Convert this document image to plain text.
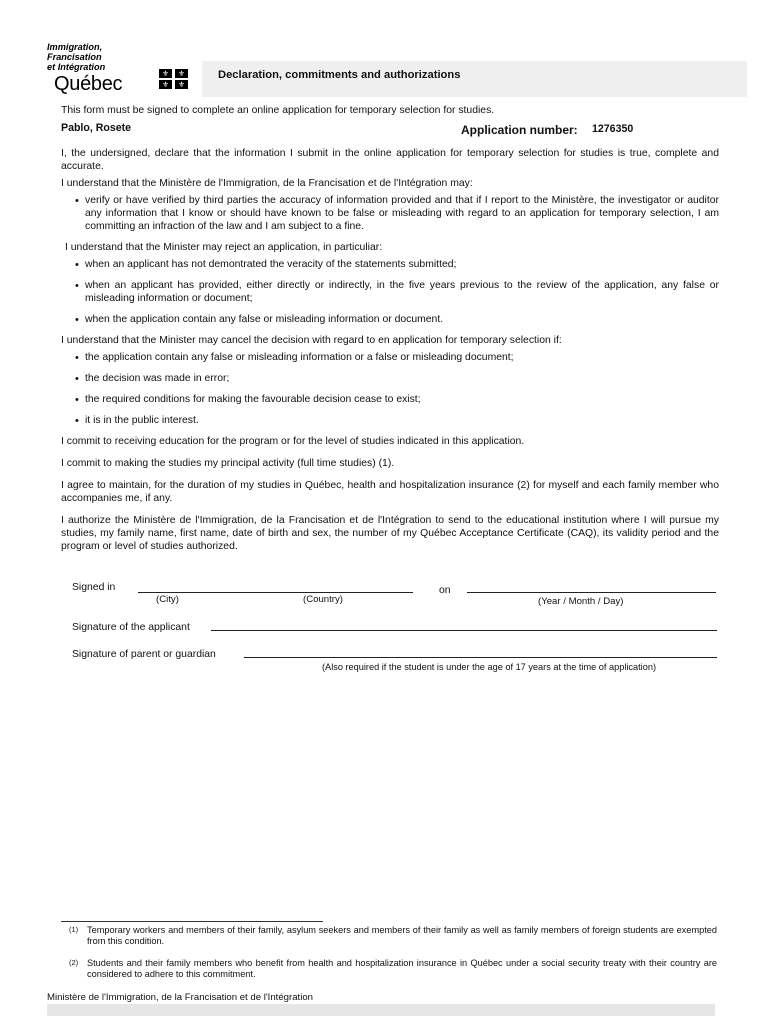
Immigration,
Francisation
et Intégration
Québec	⚜	⚜
⚜	⚜
Declaration, commitments and authorizations
This form must be signed to complete an online application for temporary selection for studies.
Pablo, Rosete	Application number: 1276350
I, the undersigned, declare that the information I submit in the online application for temporary selection for studies is true, complete and accurate.
I understand that the Ministère de l'Immigration, de la Francisation et de l'Intégration may:
• verify or have verified by third parties the accuracy of information provided and that if I report to the Ministère, the investigator or auditor any information that I know or should have known to be false or misleading with regard to an application for temporary selection, I am committing an infraction of the law and I am subject to a fine.
I understand that the Minister may reject an application, in particuliar:
• when an applicant has not demontrated the veracity of the statements submitted;
• when an applicant has provided, either directly or indirectly, in the five years previous to the review of the application, any false or misleading information or document;
• when the application contain any false or misleading information or document.
I understand that the Minister may cancel the decision with regard to en application for temporary selection if:
• the application contain any false or misleading information or a false or misleading document;
• the decision was made in error;
• the required conditions for making the favourable decision cease to exist;
• it is in the public interest.
I commit to receiving education for the program or for the level of studies indicated in this application.
I commit to making the studies my principal activity (full time studies) (1).
I agree to maintain, for the duration of my studies in Québec, health and hospitalization insurance (2) for myself and each family member who accompanies me, if any.
I authorize the Ministère de l'Immigration, de la Francisation et de l'Intégration to send to the educational institution where I will pursue my studies, my family name, first name, date of birth and sex, the number of my Québec Acceptance Certificate (CAQ), its validity period and the program or level of studies authorized.
Signed in
(City)	(Country)
on
(Year / Month / Day)
Signature of the applicant
Signature of parent or guardian
(Also required if the student is under the age of 17 years at the time of application)
(1) Temporary workers and members of their family, asylum seekers and members of their family as well as family members of foreign students are exempted from this condition.
(2) Students and their family members who benefit from health and hospitalization insurance in Québec under a social security treaty with their country are considered to adhere to this commitment.
Ministère de l'Immigration, de la Francisation et de l'Intégration
